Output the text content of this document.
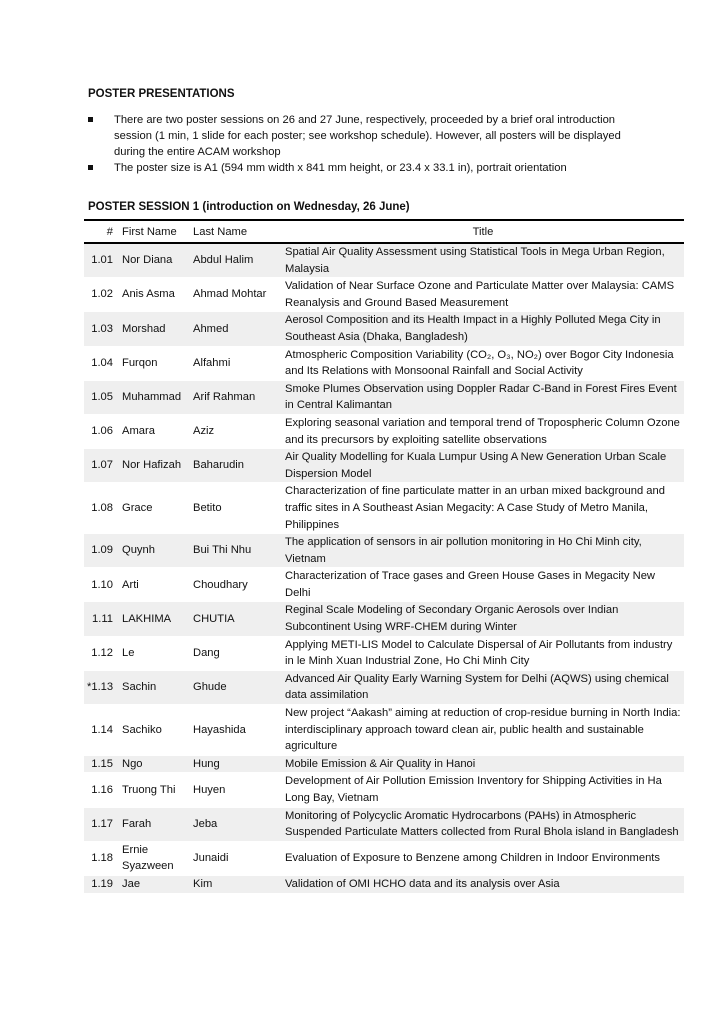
POSTER PRESENTATIONS
There are two poster sessions on 26 and 27 June, respectively, proceeded by a brief oral introduction session (1 min, 1 slide for each poster; see workshop schedule). However, all posters will be displayed during the entire ACAM workshop
The poster size is A1 (594 mm width x 841 mm height, or 23.4 x 33.1 in), portrait orientation
POSTER SESSION 1 (introduction on Wednesday, 26 June)
#	First Name	Last Name	Title
1.01	Nor Diana	Abdul Halim	Spatial Air Quality Assessment using Statistical Tools in Mega Urban Region, Malaysia
1.02	Anis Asma	Ahmad Mohtar	Validation of Near Surface Ozone and Particulate Matter over Malaysia: CAMS Reanalysis and Ground Based Measurement
1.03	Morshad	Ahmed	Aerosol Composition and its Health Impact in a Highly Polluted Mega City in Southeast Asia (Dhaka, Bangladesh)
1.04	Furqon	Alfahmi	Atmospheric Composition Variability (CO₂, O₃, NO₂) over Bogor City Indonesia and Its Relations with Monsoonal Rainfall and Social Activity
1.05	Muhammad	Arif Rahman	Smoke Plumes Observation using Doppler Radar C-Band in Forest Fires Event in Central Kalimantan
1.06	Amara	Aziz	Exploring seasonal variation and temporal trend of Tropospheric Column Ozone and its precursors by exploiting satellite observations
1.07	Nor Hafizah	Baharudin	Air Quality Modelling for Kuala Lumpur Using A New Generation Urban Scale Dispersion Model
1.08	Grace	Betito	Characterization of fine particulate matter in an urban mixed background and traffic sites in A Southeast Asian Megacity: A Case Study of Metro Manila, Philippines
1.09	Quynh	Bui Thi Nhu	The application of sensors in air pollution monitoring in Ho Chi Minh city, Vietnam
1.10	Arti	Choudhary	Characterization of Trace gases and Green House Gases in Megacity New Delhi
1.11	LAKHIMA	CHUTIA	Reginal Scale Modeling of Secondary Organic Aerosols over Indian Subcontinent Using WRF-CHEM during Winter
1.12	Le	Dang	Applying METI-LIS Model to Calculate Dispersal of Air Pollutants from industry in le Minh Xuan Industrial Zone, Ho Chi Minh City
*1.13	Sachin	Ghude	Advanced Air Quality Early Warning System for Delhi (AQWS) using chemical data assimilation
1.14	Sachiko	Hayashida	New project “Aakash” aiming at reduction of crop-residue burning in North India: interdisciplinary approach toward clean air, public health and sustainable agriculture
1.15	Ngo	Hung	Mobile Emission & Air Quality in Hanoi
1.16	Truong Thi	Huyen	Development of Air Pollution Emission Inventory for Shipping Activities in Ha Long Bay, Vietnam
1.17	Farah	Jeba	Monitoring of Polycyclic Aromatic Hydrocarbons (PAHs) in Atmospheric Suspended Particulate Matters collected from Rural Bhola island in Bangladesh
1.18	Ernie Syazween	Junaidi	Evaluation of Exposure to Benzene among Children in Indoor Environments
1.19	Jae	Kim	Validation of OMI HCHO data and its analysis over Asia
